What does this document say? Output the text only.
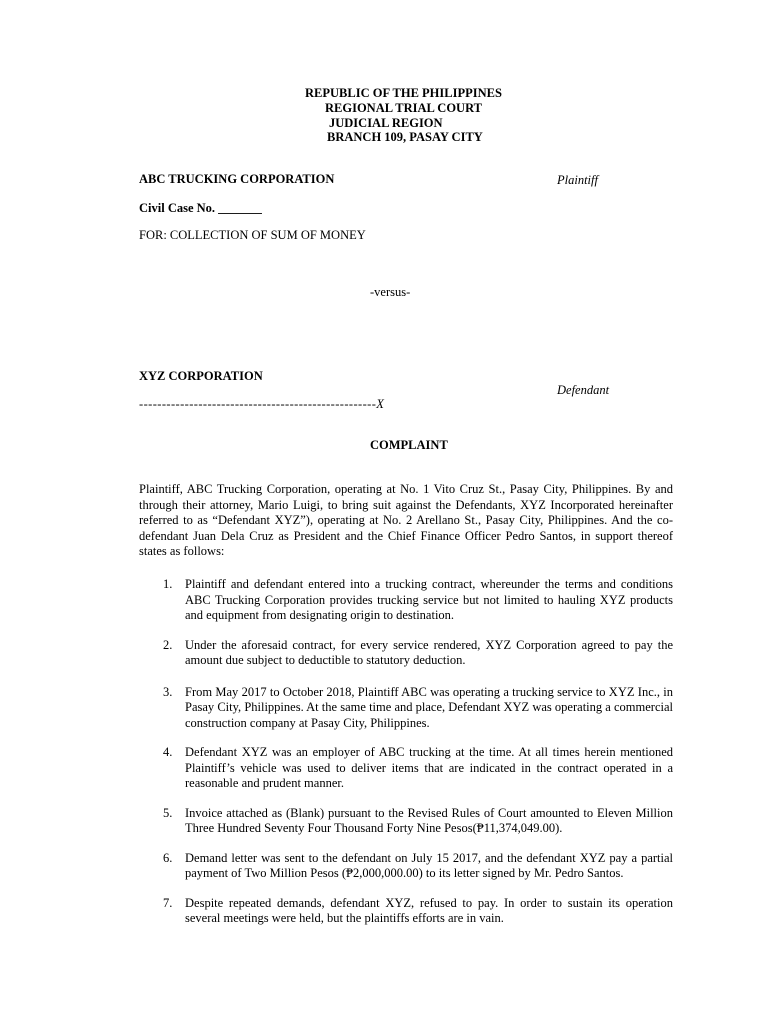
REPUBLIC OF THE PHILIPPINES
REGIONAL TRIAL COURT
JUDICIAL REGION
BRANCH 109, PASAY CITY
ABC TRUCKING CORPORATION	Plaintiff
Civil Case No. _______
FOR: COLLECTION OF SUM OF MONEY
-versus-
XYZ CORPORATION
Defendant
----------------------------------------------------X
COMPLAINT
Plaintiff, ABC Trucking Corporation, operating at No. 1 Vito Cruz St., Pasay City, Philippines. By and through their attorney, Mario Luigi, to bring suit against the Defendants, XYZ Incorporated hereinafter referred to as “Defendant XYZ”), operating at No. 2 Arellano St., Pasay City, Philippines. And the co-defendant Juan Dela Cruz as President and the Chief Finance Officer Pedro Santos, in support thereof states as follows:
1. Plaintiff and defendant entered into a trucking contract, whereunder the terms and conditions ABC Trucking Corporation provides trucking service but not limited to hauling XYZ products and equipment from designating origin to destination.
2. Under the aforesaid contract, for every service rendered, XYZ Corporation agreed to pay the amount due subject to deductible to statutory deduction.
3. From May 2017 to October 2018, Plaintiff ABC was operating a trucking service to XYZ Inc., in Pasay City, Philippines. At the same time and place, Defendant XYZ was operating a commercial construction company at Pasay City, Philippines.
4. Defendant XYZ was an employer of ABC trucking at the time. At all times herein mentioned Plaintiff’s vehicle was used to deliver items that are indicated in the contract operated in a reasonable and prudent manner.
5. Invoice attached as (Blank) pursuant to the Revised Rules of Court amounted to Eleven Million Three Hundred Seventy Four Thousand Forty Nine Pesos(₱11,374,049.00).
6. Demand letter was sent to the defendant on July 15 2017, and the defendant XYZ pay a partial payment of Two Million Pesos (₱2,000,000.00) to its letter signed by Mr. Pedro Santos.
7. Despite repeated demands, defendant XYZ, refused to pay. In order to sustain its operation several meetings were held, but the plaintiffs efforts are in vain.
